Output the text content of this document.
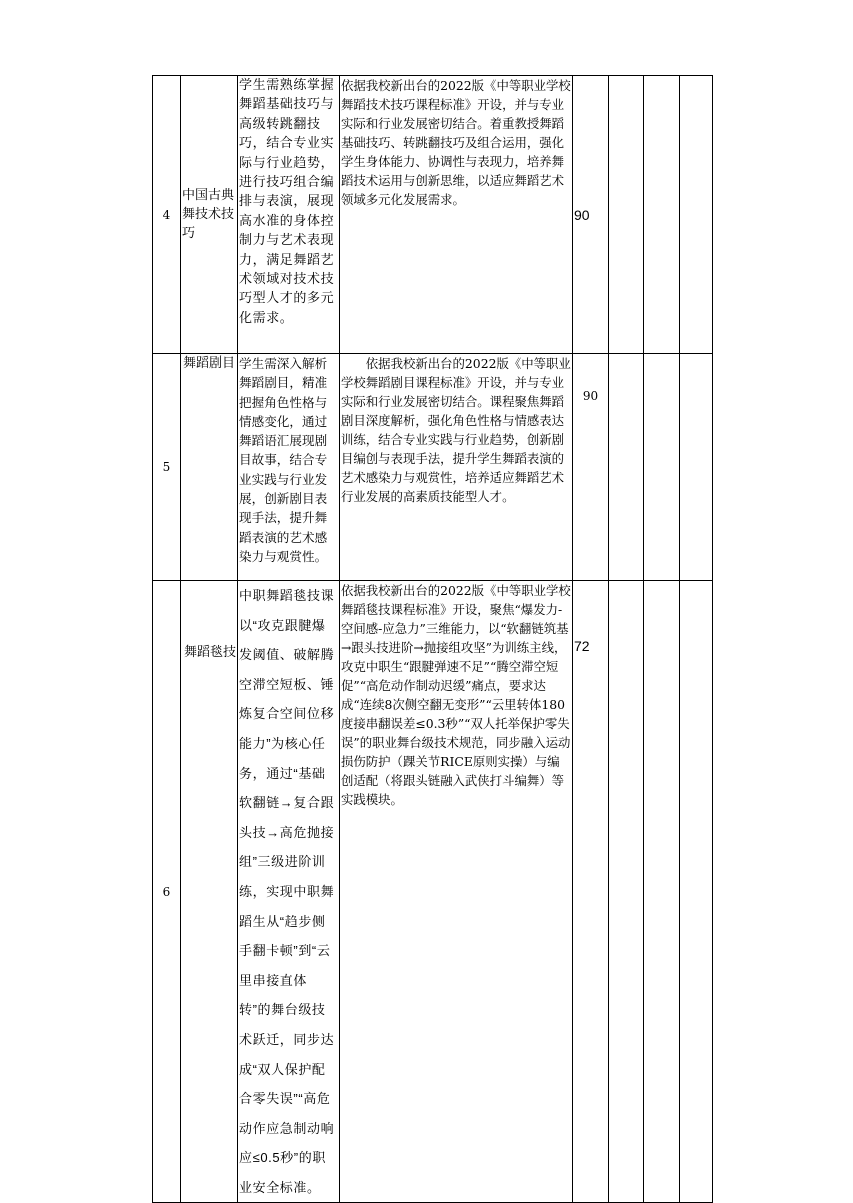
4	中国古典舞技术技巧	学生需熟练掌握舞蹈基础技巧与高级转跳翻技巧，结合专业实际与行业趋势，进行技巧组合编排与表演，展现高水准的身体控制力与艺术表现力，满足舞蹈艺术领域对技术技巧型人才的多元化需求。	依据我校新出台的2022版《中等职业学校舞蹈技术技巧课程标准》开设，并与专业实际和行业发展密切结合。着重教授舞蹈基础技巧、转跳翻技巧及组合运用，强化学生身体能力、协调性与表现力，培养舞蹈技术运用与创新思维，以适应舞蹈艺术领域多元化发展需求。	90			
5	舞蹈剧目	学生需深入解析舞蹈剧目，精准把握角色性格与情感变化，通过舞蹈语汇展现剧目故事，结合专业实践与行业发展，创新剧目表现手法，提升舞蹈表演的艺术感染力与观赏性。	依据我校新出台的2022版《中等职业学校舞蹈剧目课程标准》开设，并与专业实际和行业发展密切结合。课程聚焦舞蹈剧目深度解析，强化角色性格与情感表达训练，结合专业实践与行业趋势，创新剧目编创与表现手法，提升学生舞蹈表演的艺术感染力与观赏性，培养适应舞蹈艺术行业发展的高素质技能型人才。	90			
6	舞蹈毯技	中职舞蹈毯技课以“攻克跟腱爆发阈值、破解腾空滞空短板、锤炼复合空间位移能力”为核心任务，通过“基础软翻链→复合跟头技→高危抛接组”三级进阶训练，实现中职舞蹈生从“趋步侧手翻卡顿”到“云里串接直体转”的舞台级技术跃迁，同步达成“双人保护配合零失误”“高危动作应急制动响应≤0.5秒”的职业安全标准。	依据我校新出台的2022版《中等职业学校舞蹈毯技课程标准》开设，聚焦“爆发力-空间感-应急力”三维能力，以“软翻链筑基→跟头技进阶→抛接组攻坚”为训练主线，攻克中职生“跟腱弹速不足”“腾空滞空短促”“高危动作制动迟缓”痛点，要求达成“连续8次侧空翻无变形”“云里转体180度接串翻误差≤0.3秒”“双人托举保护零失误”的职业舞台级技术规范，同步融入运动损伤防护（踝关节RICE原则实操）与编创适配（将跟头链融入武侠打斗编舞）等实践模块。	72			
